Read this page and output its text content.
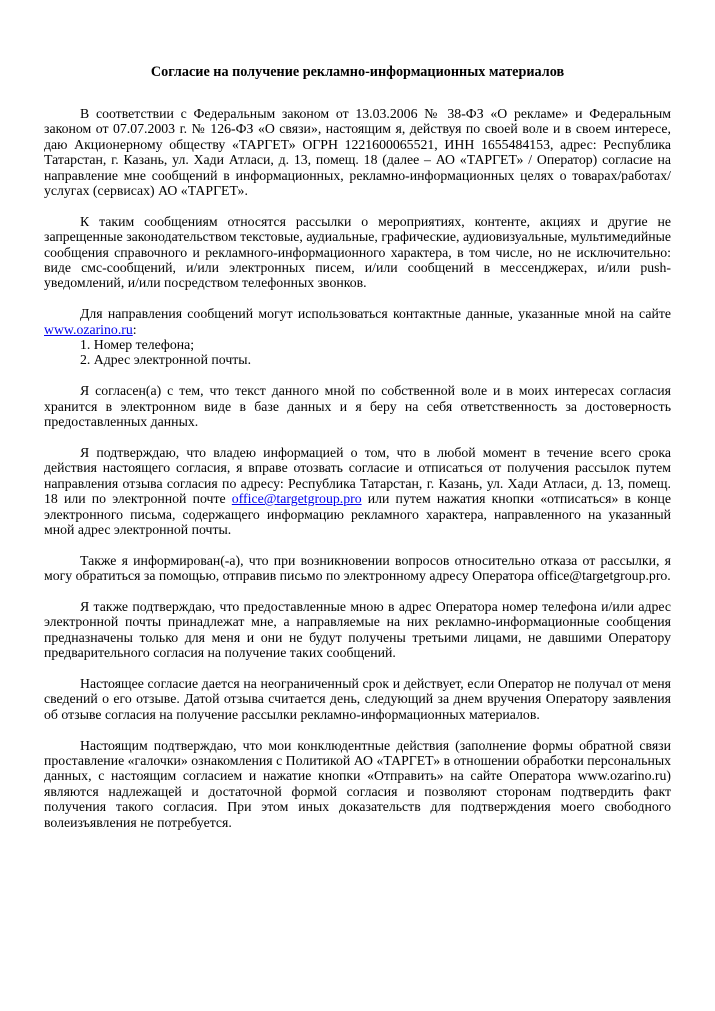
Согласие на получение рекламно-информационных материалов
В соответствии с Федеральным законом от 13.03.2006 № 38-ФЗ «О рекламе» и Федеральным законом от 07.07.2003 г. № 126-ФЗ «О связи», настоящим я, действуя по своей воле и в своем интересе, даю Акционерному обществу «ТАРГЕТ» ОГРН 1221600065521, ИНН 1655484153, адрес: Республика Татарстан, г. Казань, ул. Хади Атласи, д. 13, помещ. 18 (далее – АО «ТАРГЕТ» / Оператор) согласие на направление мне сообщений в информационных, рекламно-информационных целях о товарах/работах/услугах (сервисах) АО «ТАРГЕТ».
К таким сообщениям относятся рассылки о мероприятиях, контенте, акциях и другие не запрещенные законодательством текстовые, аудиальные, графические, аудиовизуальные, мультимедийные сообщения справочного и рекламного-информационного характера, в том числе, но не исключительно: виде смс-сообщений, и/или электронных писем, и/или сообщений в мессенджерах, и/или push-уведомлений, и/или посредством телефонных звонков.
Для направления сообщений могут использоваться контактные данные, указанные мной на сайте www.ozarino.ru:
1. Номер телефона;
2. Адрес электронной почты.
Я согласен(а) с тем, что текст данного мной по собственной воле и в моих интересах согласия хранится в электронном виде в базе данных и я беру на себя ответственность за достоверность предоставленных данных.
Я подтверждаю, что владею информацией о том, что в любой момент в течение всего срока действия настоящего согласия, я вправе отозвать согласие и отписаться от получения рассылок путем направления отзыва согласия по адресу: Республика Татарстан, г. Казань, ул. Хади Атласи, д. 13, помещ. 18 или по электронной почте office@targetgroup.pro или путем нажатия кнопки «отписаться» в конце электронного письма, содержащего информацию рекламного характера, направленного на указанный мной адрес электронной почты.
Также я информирован(-а), что при возникновении вопросов относительно отказа от рассылки, я могу обратиться за помощью, отправив письмо по электронному адресу Оператора office@targetgroup.pro.
Я также подтверждаю, что предоставленные мною в адрес Оператора номер телефона и/или адрес электронной почты принадлежат мне, а направляемые на них рекламно-информационные сообщения предназначены только для меня и они не будут получены третьими лицами, не давшими Оператору предварительного согласия на получение таких сообщений.
Настоящее согласие дается на неограниченный срок и действует, если Оператор не получал от меня сведений о его отзыве. Датой отзыва считается день, следующий за днем вручения Оператору заявления об отзыве согласия на получение рассылки рекламно-информационных материалов.
Настоящим подтверждаю, что мои конклюдентные действия (заполнение формы обратной связи проставление «галочки» ознакомления с Политикой АО «ТАРГЕТ» в отношении обработки персональных данных, с настоящим согласием и нажатие кнопки «Отправить» на сайте Оператора www.ozarino.ru) являются надлежащей и достаточной формой согласия и позволяют сторонам подтвердить факт получения такого согласия. При этом иных доказательств для подтверждения моего свободного волеизъявления не потребуется.
